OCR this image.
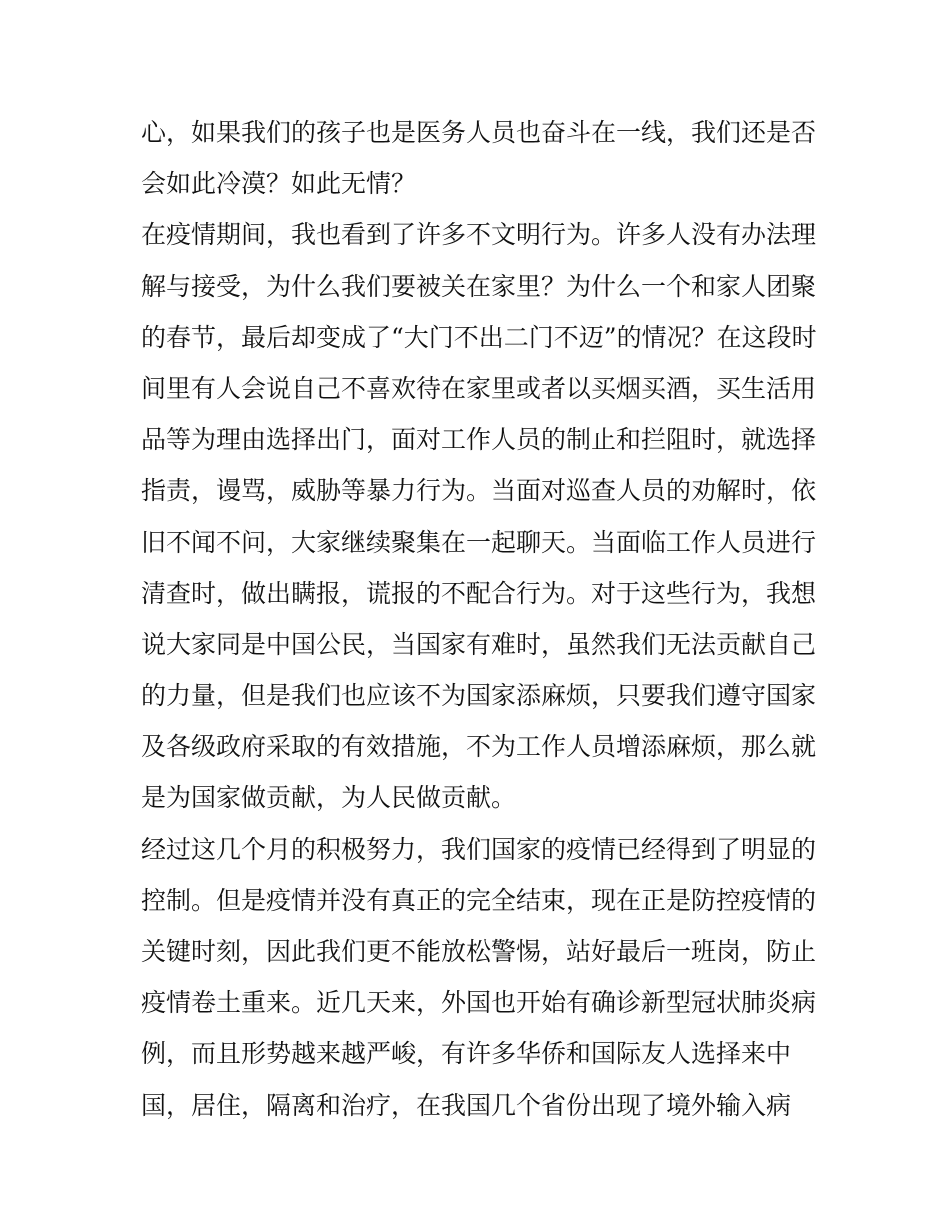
心，如果我们的孩子也是医务人员也奋斗在一线，我们还是否
会如此冷漠？如此无情？
在疫情期间，我也看到了许多不文明行为。许多人没有办法理
解与接受，为什么我们要被关在家里？为什么一个和家人团聚
的春节，最后却变成了“大门不出二门不迈”的情况？在这段时
间里有人会说自己不喜欢待在家里或者以买烟买酒，买生活用
品等为理由选择出门，面对工作人员的制止和拦阻时，就选择
指责，谩骂，威胁等暴力行为。当面对巡查人员的劝解时，依
旧不闻不问，大家继续聚集在一起聊天。当面临工作人员进行
清查时，做出瞒报，谎报的不配合行为。对于这些行为，我想
说大家同是中国公民，当国家有难时，虽然我们无法贡献自己
的力量，但是我们也应该不为国家添麻烦，只要我们遵守国家
及各级政府采取的有效措施，不为工作人员增添麻烦，那么就
是为国家做贡献，为人民做贡献。
经过这几个月的积极努力，我们国家的疫情已经得到了明显的
控制。但是疫情并没有真正的完全结束，现在正是防控疫情的
关键时刻，因此我们更不能放松警惕，站好最后一班岗，防止
疫情卷土重来。近几天来，外国也开始有确诊新型冠状肺炎病
例，而且形势越来越严峻，有许多华侨和国际友人选择来中
国，居住，隔离和治疗，在我国几个省份出现了境外输入病
